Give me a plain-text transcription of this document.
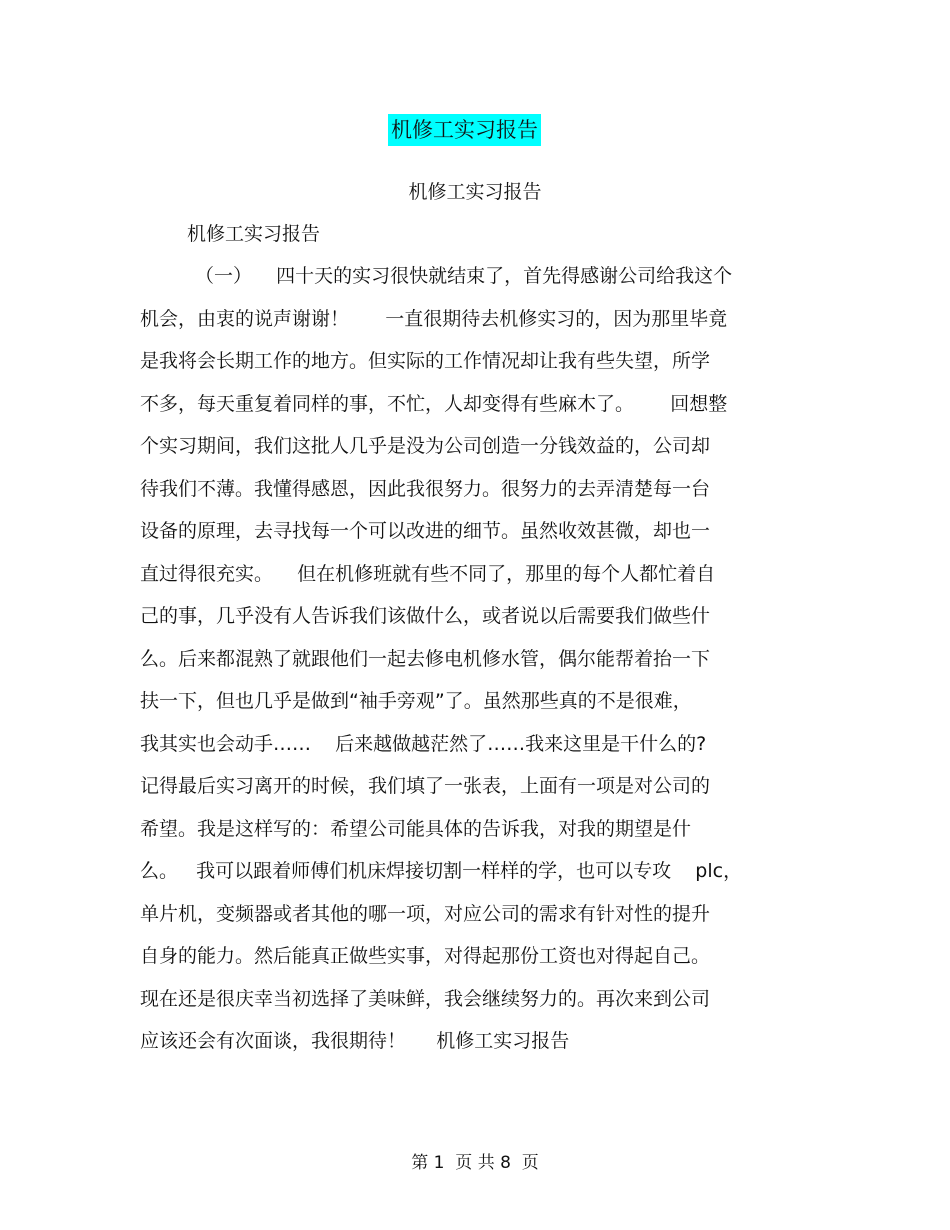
机修工实习报告
机修工实习报告
机修工实习报告
（一）    四十天的实习很快就结束了，首先得感谢公司给我这个
机会，由衷的说声谢谢！      一直很期待去机修实习的，因为那里毕竟
是我将会长期工作的地方。但实际的工作情况却让我有些失望，所学
不多，每天重复着同样的事，不忙，人却变得有些麻木了。      回想整
个实习期间，我们这批人几乎是没为公司创造一分钱效益的，公司却
待我们不薄。我懂得感恩，因此我很努力。很努力的去弄清楚每一台
设备的原理，去寻找每一个可以改进的细节。虽然收效甚微，却也一
直过得很充实。    但在机修班就有些不同了，那里的每个人都忙着自
己的事，几乎没有人告诉我们该做什么，或者说以后需要我们做些什
么。后来都混熟了就跟他们一起去修电机修水管，偶尔能帮着抬一下
扶一下，但也几乎是做到“袖手旁观”了。虽然那些真的不是很难，
我其实也会动手……    后来越做越茫然了……我来这里是干什么的?
记得最后实习离开的时候，我们填了一张表，上面有一项是对公司的
希望。我是这样写的：希望公司能具体的告诉我，对我的期望是什
么。   我可以跟着师傅们机床焊接切割一样样的学，也可以专攻    plc，
单片机，变频器或者其他的哪一项，对应公司的需求有针对性的提升
自身的能力。然后能真正做些实事，对得起那份工资也对得起自己。
现在还是很庆幸当初选择了美味鲜，我会继续努力的。再次来到公司
应该还会有次面谈，我很期待！     机修工实习报告
第 1  页 共 8  页
